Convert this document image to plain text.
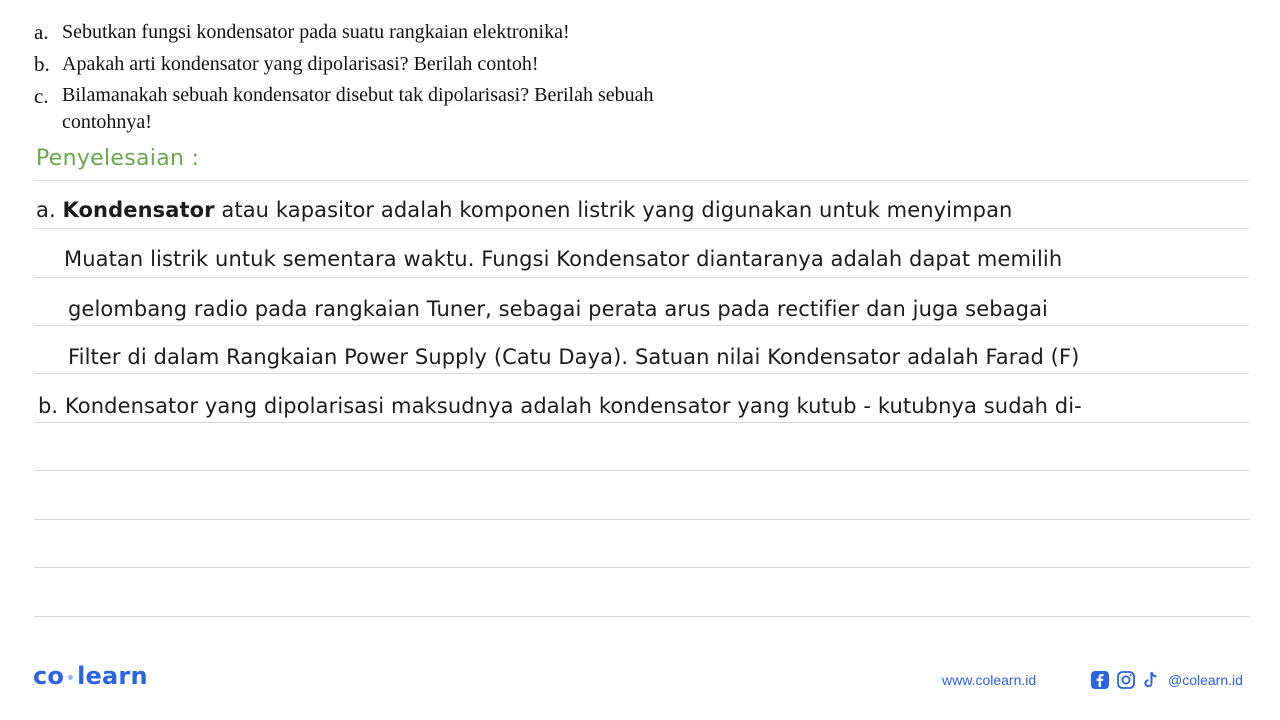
a. Sebutkan fungsi kondensator pada suatu rangkaian elektronika!
b. Apakah arti kondensator yang dipolarisasi? Berilah contoh!
c. Bilamanakah sebuah kondensator disebut tak dipolarisasi? Berilah sebuah
contohnya!
Penyelesaian :
a. Kondensator atau kapasitor adalah komponen listrik yang digunakan untuk menyimpan
Muatan listrik untuk sementara waktu. Fungsi Kondensator diantaranya adalah dapat memilih
gelombang radio pada rangkaian Tuner, sebagai perata arus pada rectifier dan juga sebagai
Filter di dalam Rangkaian Power Supply (Catu Daya). Satuan nilai Kondensator adalah Farad (F)
b. Kondensator yang dipolarisasi maksudnya adalah kondensator yang kutub - kutubnya sudah di-
co learn	www.colearn.id	@colearn.id
